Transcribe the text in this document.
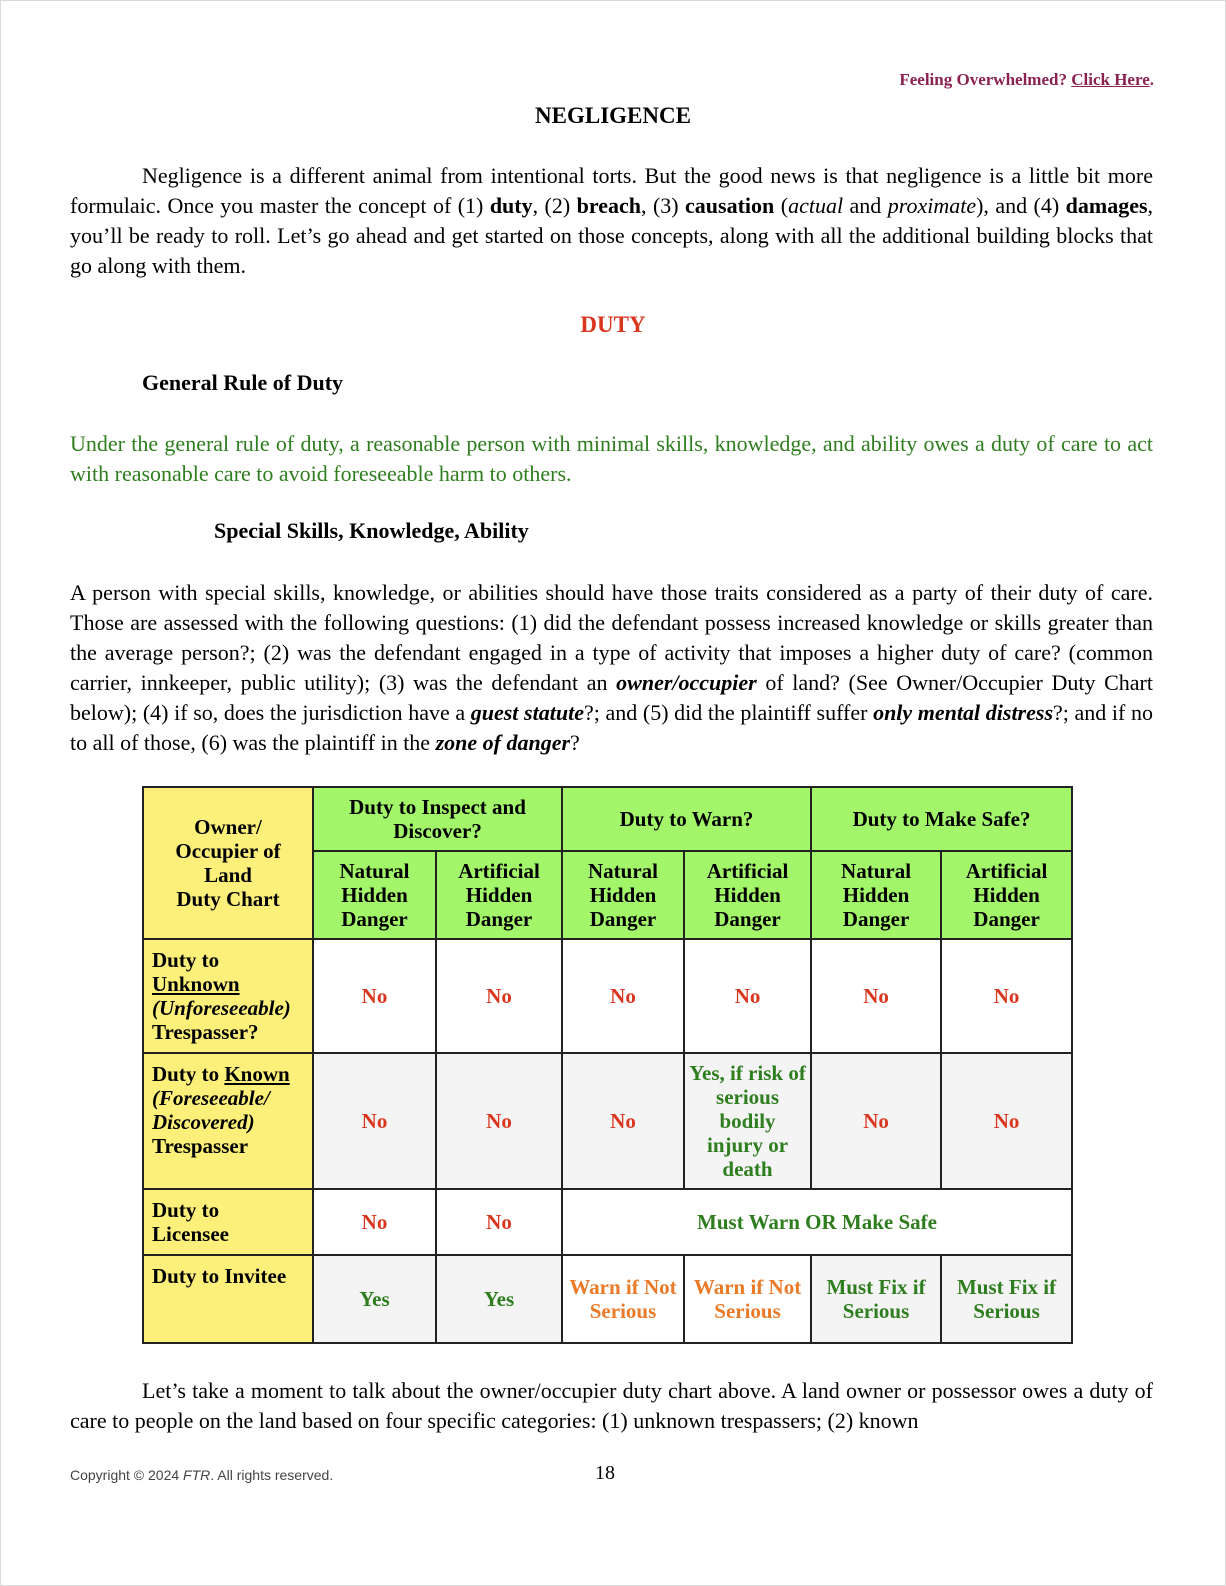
Feeling Overwhelmed? Click Here.
NEGLIGENCE
Negligence is a different animal from intentional torts. But the good news is that negligence is a little bit more formulaic. Once you master the concept of (1) duty, (2) breach, (3) causation (actual and proximate), and (4) damages, you’ll be ready to roll. Let’s go ahead and get started on those concepts, along with all the additional building blocks that go along with them.
DUTY
General Rule of Duty
Under the general rule of duty, a reasonable person with minimal skills, knowledge, and ability owes a duty of care to act with reasonable care to avoid foreseeable harm to others.
Special Skills, Knowledge, Ability
A person with special skills, knowledge, or abilities should have those traits considered as a party of their duty of care. Those are assessed with the following questions: (1) did the defendant possess increased knowledge or skills greater than the average person?; (2) was the defendant engaged in a type of activity that imposes a higher duty of care? (common carrier, innkeeper, public utility); (3) was the defendant an owner/occupier of land? (See Owner/Occupier Duty Chart below); (4) if so, does the jurisdiction have a guest statute?; and (5) did the plaintiff suffer only mental distress?; and if no to all of those, (6) was the plaintiff in the zone of danger?
Owner/
Occupier of
Land
Duty Chart	Duty to Inspect and Discover?		Duty to Warn?		Duty to Make Safe?	
	Natural
Hidden
Danger	Artificial
Hidden
Danger	Natural
Hidden
Danger	Artificial
Hidden
Danger	Natural
Hidden
Danger	Artificial
Hidden
Danger
Duty to
Unknown
(Unforeseeable)
Trespasser?	No	No	No	No	No	No
Duty to Known
(Foreseeable/
Discovered)
Trespasser	No	No	No	Yes, if risk of serious bodily injury or death	No	No
Duty to
Licensee	No	No	Must Warn OR Make Safe			
Duty to Invitee	Yes	Yes	Warn if Not Serious	Warn if Not Serious	Must Fix if Serious	Must Fix if Serious
Let’s take a moment to talk about the owner/occupier duty chart above. A land owner or possessor owes a duty of care to people on the land based on four specific categories: (1) unknown trespassers; (2) known
Copyright © 2024 FTR. All rights reserved.	18
